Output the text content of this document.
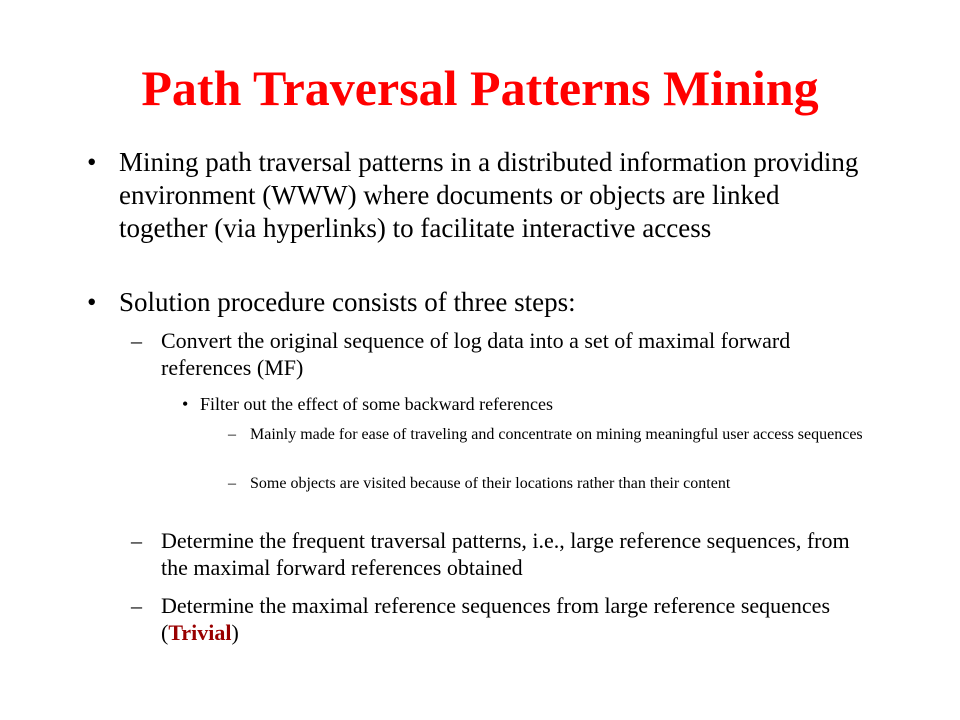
Path Traversal Patterns Mining
• Mining path traversal patterns in a distributed information providing environment (WWW) where documents or objects are linked together (via hyperlinks) to facilitate interactive access
• Solution procedure consists of three steps:
– Convert the original sequence of log data into a set of maximal forward references (MF)
• Filter out the effect of some backward references
– Mainly made for ease of traveling and concentrate on mining meaningful user access sequences
– Some objects are visited because of their locations rather than their content
– Determine the frequent traversal patterns, i.e., large reference sequences, from the maximal forward references obtained
– Determine the maximal reference sequences from large reference sequences (Trivial)
